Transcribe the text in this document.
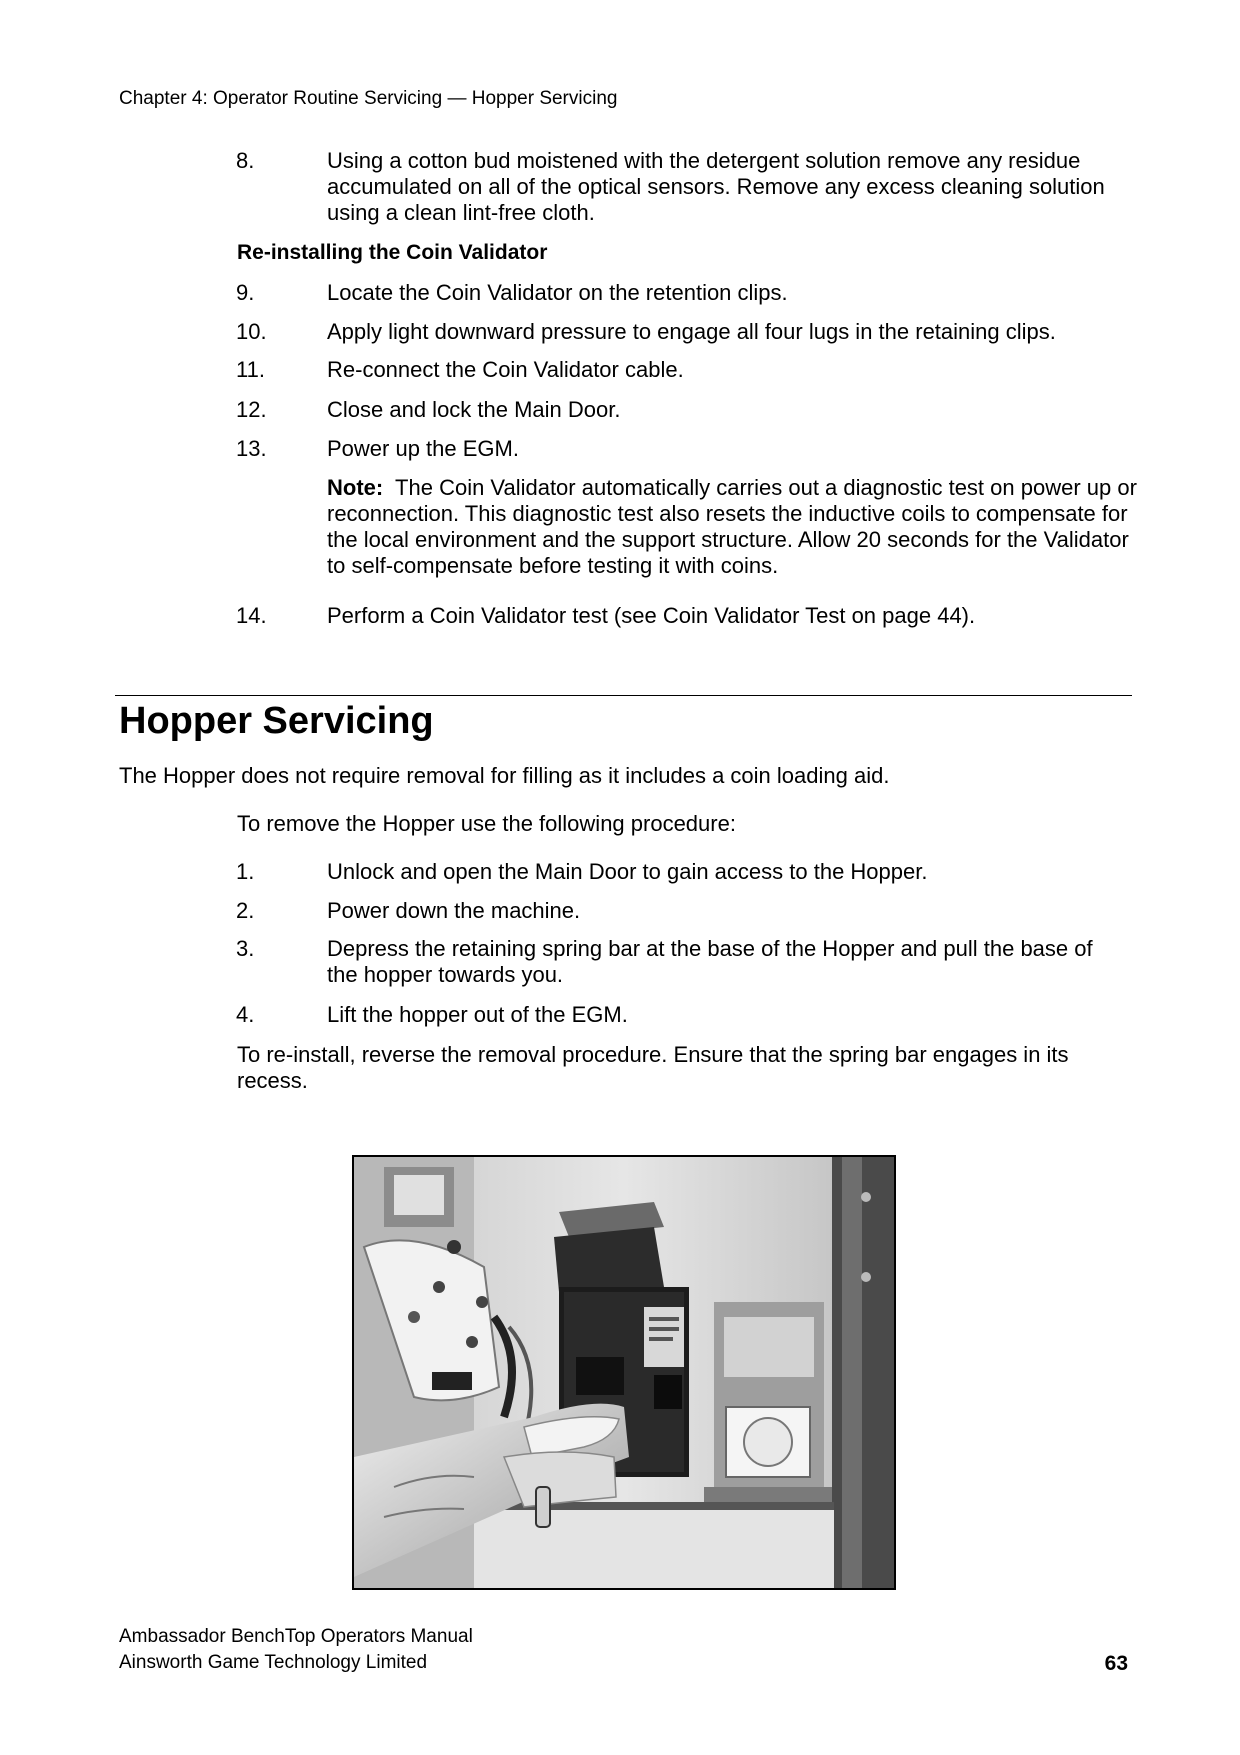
Chapter 4: Operator Routine Servicing — Hopper Servicing
8.	Using a cotton bud moistened with the detergent solution remove any residue accumulated on all of the optical sensors. Remove any excess cleaning solution using a clean lint-free cloth.
Re-installing the Coin Validator
9.	Locate the Coin Validator on the retention clips.
10.	Apply light downward pressure to engage all four lugs in the retaining clips.
11.	Re-connect the Coin Validator cable.
12.	Close and lock the Main Door.
13.	Power up the EGM.
Note: The Coin Validator automatically carries out a diagnostic test on power up or reconnection. This diagnostic test also resets the inductive coils to compensate for the local environment and the support structure. Allow 20 seconds for the Validator to self-compensate before testing it with coins.
14.	Perform a Coin Validator test (see Coin Validator Test on page 44).
Hopper Servicing
The Hopper does not require removal for filling as it includes a coin loading aid.
To remove the Hopper use the following procedure:
1.	Unlock and open the Main Door to gain access to the Hopper.
2.	Power down the machine.
3.	Depress the retaining spring bar at the base of the Hopper and pull the base of the hopper towards you.
4.	Lift the hopper out of the EGM.
To re-install, reverse the removal procedure. Ensure that the spring bar engages in its recess.
Ambassador BenchTop Operators Manual
Ainsworth Game Technology Limited	63
